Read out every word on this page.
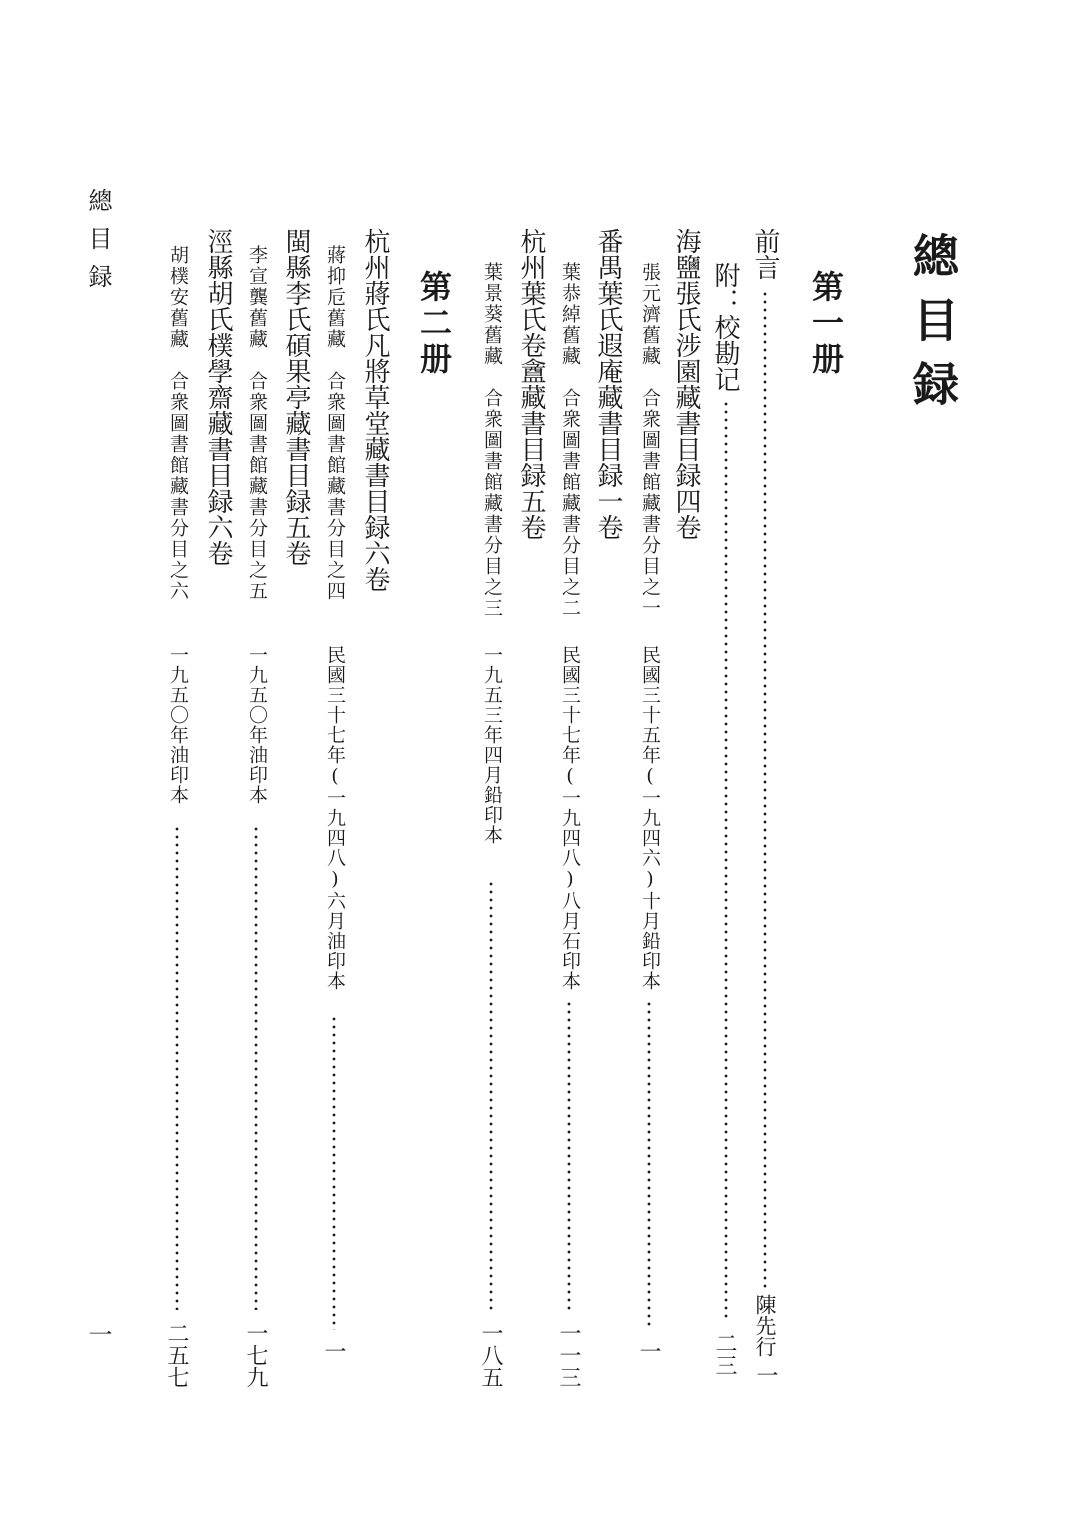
總目録
一
總目録
第一册
前言
陳先行
一
附：校勘记
二三
海鹽張氏涉園藏書目録四卷
張元濟舊藏　合衆圖書館藏書分目之一
民國三十五年(一九四六)十月鉛印本
一
番禺葉氏遐庵藏書目録一卷
葉恭綽舊藏　合衆圖書館藏書分目之二
民國三十七年(一九四八)八月石印本
一一三
杭州葉氏卷盦藏書目録五卷
葉景葵舊藏　合衆圖書館藏書分目之三
一九五三年四月鉛印本
一八五
第二册
杭州蔣氏凡將草堂藏書目録六卷
蔣抑卮舊藏　合衆圖書館藏書分目之四
民國三十七年(一九四八)六月油印本
一
閩縣李氏碩果亭藏書目録五卷
李宣龔舊藏　合衆圖書館藏書分目之五
一九五〇年油印本
一七九
涇縣胡氏樸學齋藏書目録六卷
胡樸安舊藏　合衆圖書館藏書分目之六
一九五〇年油印本
二五七
